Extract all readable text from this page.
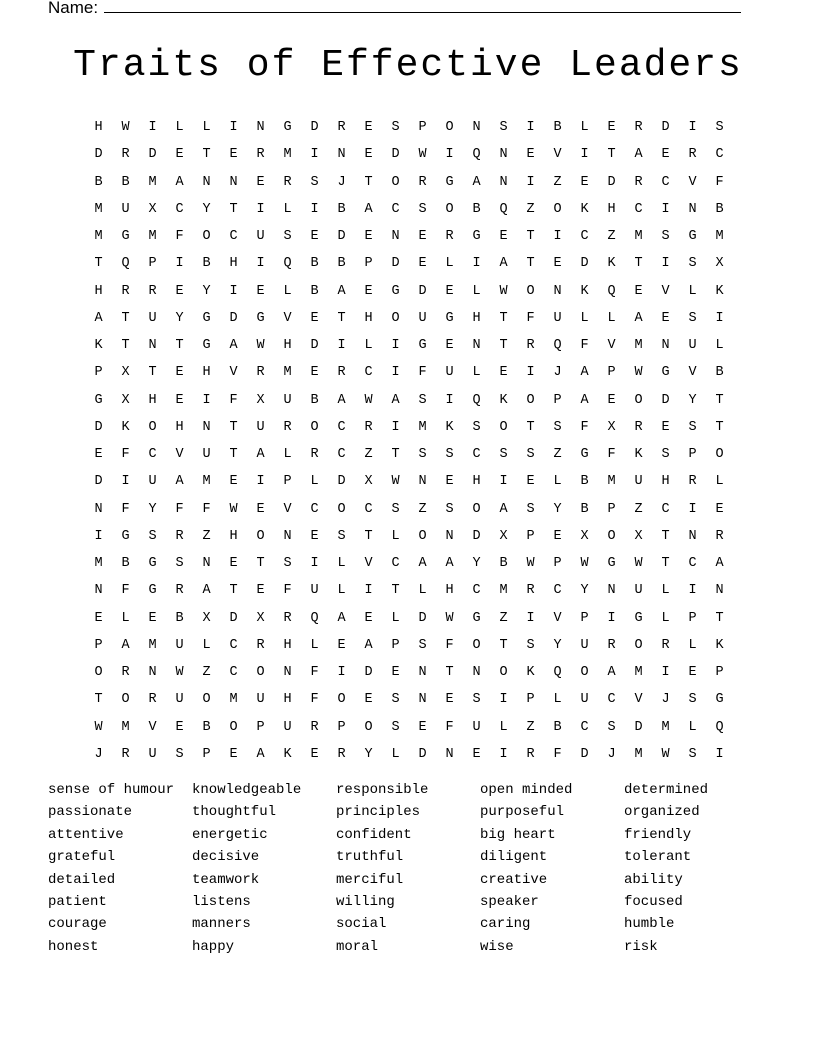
Name:
Traits of Effective Leaders
H	W	I	L	L	I	N	G	D	R	E	S	P	O	N	S	I	B	L	E	R	D	I	S
D	R	D	E	T	E	R	M	I	N	E	D	W	I	Q	N	E	V	I	T	A	E	R	C
B	B	M	A	N	N	E	R	S	J	T	O	R	G	A	N	I	Z	E	D	R	C	V	F
M	U	X	C	Y	T	I	L	I	B	A	C	S	O	B	Q	Z	O	K	H	C	I	N	B
M	G	M	F	O	C	U	S	E	D	E	N	E	R	G	E	T	I	C	Z	M	S	G	M
T	Q	P	I	B	H	I	Q	B	B	P	D	E	L	I	A	T	E	D	K	T	I	S	X
H	R	R	E	Y	I	E	L	B	A	E	G	D	E	L	W	O	N	K	Q	E	V	L	K
A	T	U	Y	G	D	G	V	E	T	H	O	U	G	H	T	F	U	L	L	A	E	S	I
K	T	N	T	G	A	W	H	D	I	L	I	G	E	N	T	R	Q	F	V	M	N	U	L
P	X	T	E	H	V	R	M	E	R	C	I	F	U	L	E	I	J	A	P	W	G	V	B
G	X	H	E	I	F	X	U	B	A	W	A	S	I	Q	K	O	P	A	E	O	D	Y	T
D	K	O	H	N	T	U	R	O	C	R	I	M	K	S	O	T	S	F	X	R	E	S	T
E	F	C	V	U	T	A	L	R	C	Z	T	S	S	C	S	S	Z	G	F	K	S	P	O
D	I	U	A	M	E	I	P	L	D	X	W	N	E	H	I	E	L	B	M	U	H	R	L
N	F	Y	F	F	W	E	V	C	O	C	S	Z	S	O	A	S	Y	B	P	Z	C	I	E
I	G	S	R	Z	H	O	N	E	S	T	L	O	N	D	X	P	E	X	O	X	T	N	R
M	B	G	S	N	E	T	S	I	L	V	C	A	A	Y	B	W	P	W	G	W	T	C	A
N	F	G	R	A	T	E	F	U	L	I	T	L	H	C	M	R	C	Y	N	U	L	I	N
E	L	E	B	X	D	X	R	Q	A	E	L	D	W	G	Z	I	V	P	I	G	L	P	T
P	A	M	U	L	C	R	H	L	E	A	P	S	F	O	T	S	Y	U	R	O	R	L	K
O	R	N	W	Z	C	O	N	F	I	D	E	N	T	N	O	K	Q	O	A	M	I	E	P
T	O	R	U	O	M	U	H	F	O	E	S	N	E	S	I	P	L	U	C	V	J	S	G
W	M	V	E	B	O	P	U	R	P	O	S	E	F	U	L	Z	B	C	S	D	M	L	Q
J	R	U	S	P	E	A	K	E	R	Y	L	D	N	E	I	R	F	D	J	M	W	S	I
sense of humour
passionate
attentive
grateful
detailed
patient
courage
honest
knowledgeable
thoughtful
energetic
decisive
teamwork
listens
manners
happy
responsible
principles
confident
truthful
merciful
willing
social
moral
open minded
purposeful
big heart
diligent
creative
speaker
caring
wise
determined
organized
friendly
tolerant
ability
focused
humble
risk
